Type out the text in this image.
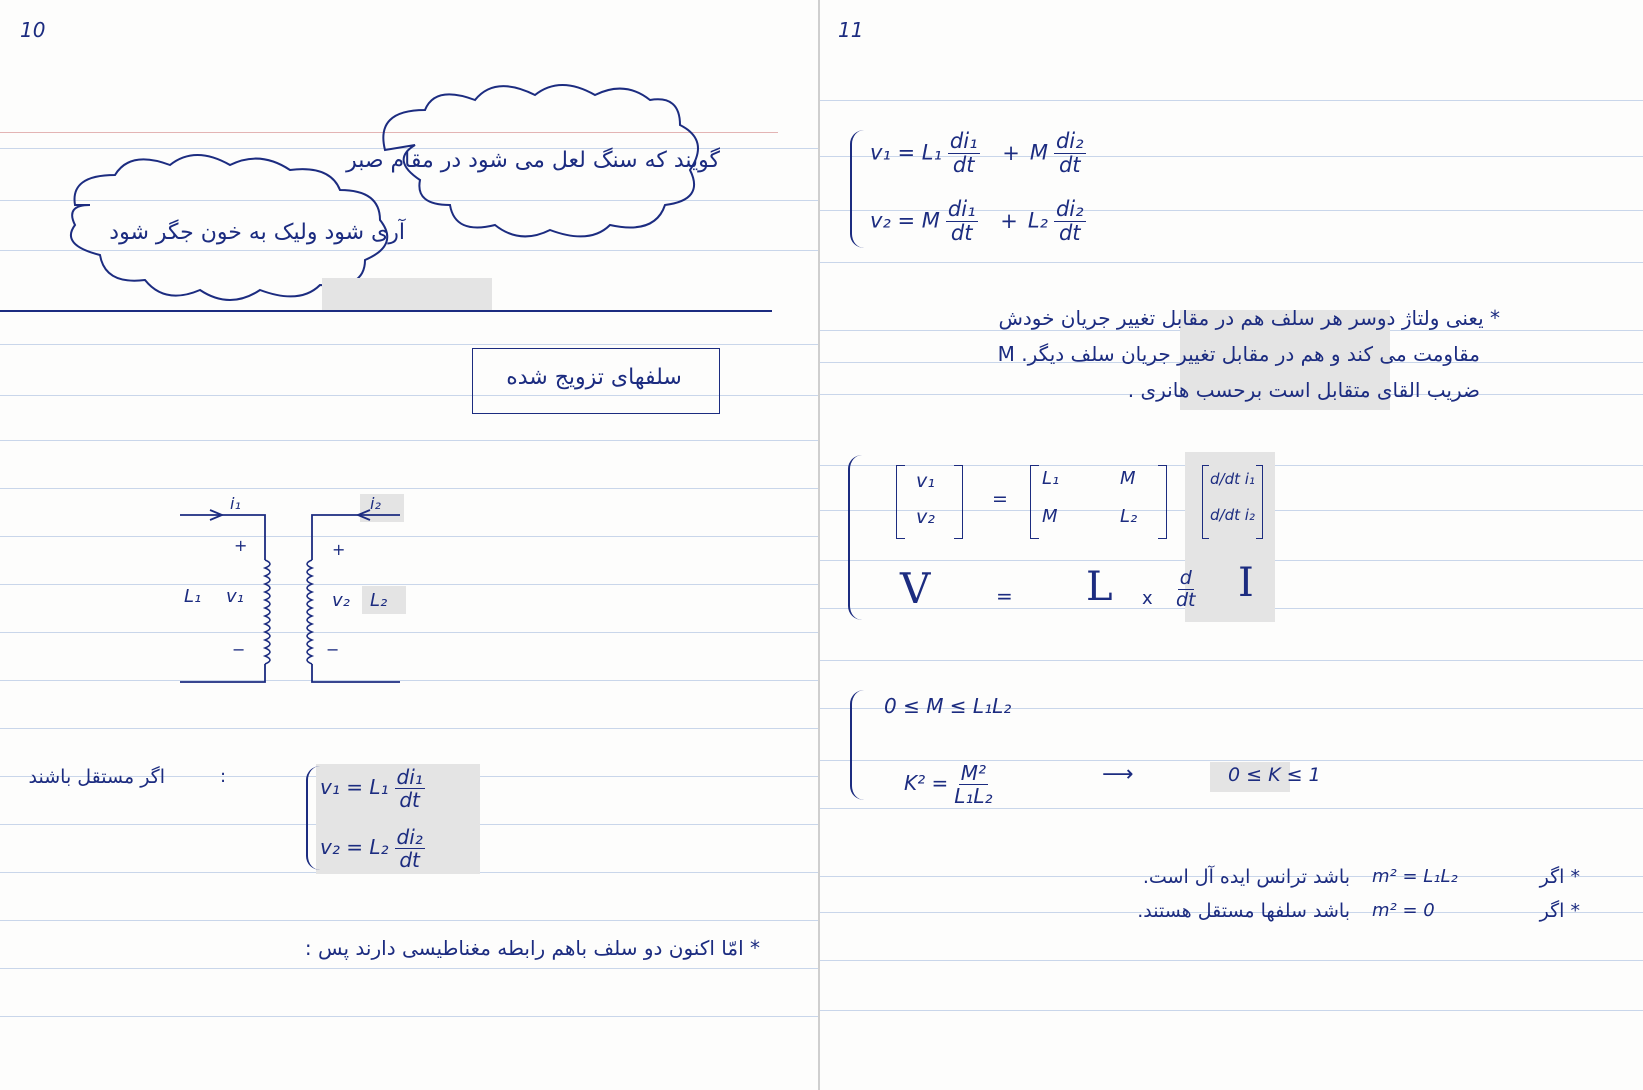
10
گویند که سنگ لعل می شود در مقام صبر
آری شود ولیک به خون جگر شود
سلفهای تزویج شده
i₁	i₂
+	+
L₁ v₁	v₂ L₂
−	−
اگر مستقل باشند	:	$v_1 = L_1 \frac{\text{di₁}}{dt}$
$v_2 = L_2 \frac{\text{di₂}}{dt}$
* امّا اکنون دو سلف باهم رابطه مغناطیسی دارند پس :
11
$v_1 = L_1 \frac{\text{di₁}}{dt} + M \frac{\text{di₂}}{dt}$
v₂ = M $\frac{\text{di₁}}{dt} + L_2 \frac{\text{di₂}}{dt}$
* یعنی ولتاژ دوسر هر سلف هم در مقابل تغییر جریان خودش
مقاومت می کند و هم در مقابل تغییر جریان سلف دیگر. M
ضریب القای متقابل است برحسب هانری .
v₁
v₂
=
L₁	M
M	L₂
d/dt i₁
d/dt i₂
V	= L x $\frac{d}{dt}$ I
0 ≤ M ≤ L₁L₂
$K^2 = \frac{\text{M²}}{\text{L₁L₂}}$	⟶	0 ≤ K ≤ 1
* اگر
m² = L₁L₂
باشد ترانس ایده آل است.
* اگر
m² = 0
باشد سلفها مستقل هستند.
